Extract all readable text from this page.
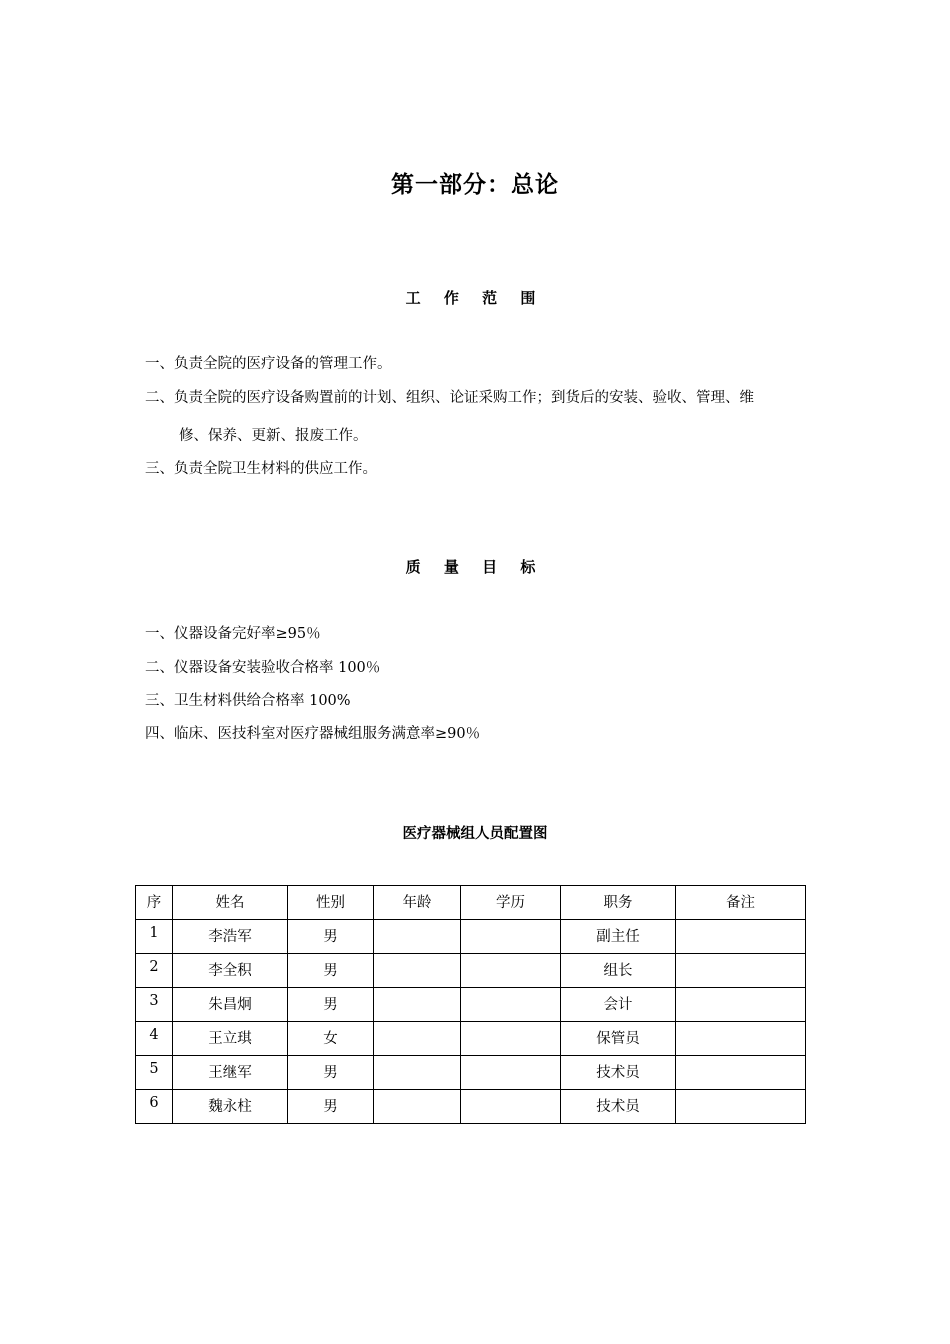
第一部分：总论
工 作 范 围
一、负责全院的医疗设备的管理工作。
二、负责全院的医疗设备购置前的计划、组织、论证采购工作；到货后的安装、验收、管理、维
修、保养、更新、报废工作。
三、负责全院卫生材料的供应工作。
质 量 目 标
一、仪器设备完好率≥95％
二、仪器设备安装验收合格率 100％
三、卫生材料供给合格率 100%
四、临床、医技科室对医疗器械组服务满意率≥90％
医疗器械组人员配置图
序	姓名	性别	年龄	学历	职务	备注
1	李浩军	男			副主任	
2	李全积	男			组长	
3	朱昌炯	男			会计	
4	王立琪	女			保管员	
5	王继军	男			技术员	
6	魏永柱	男			技术员	
